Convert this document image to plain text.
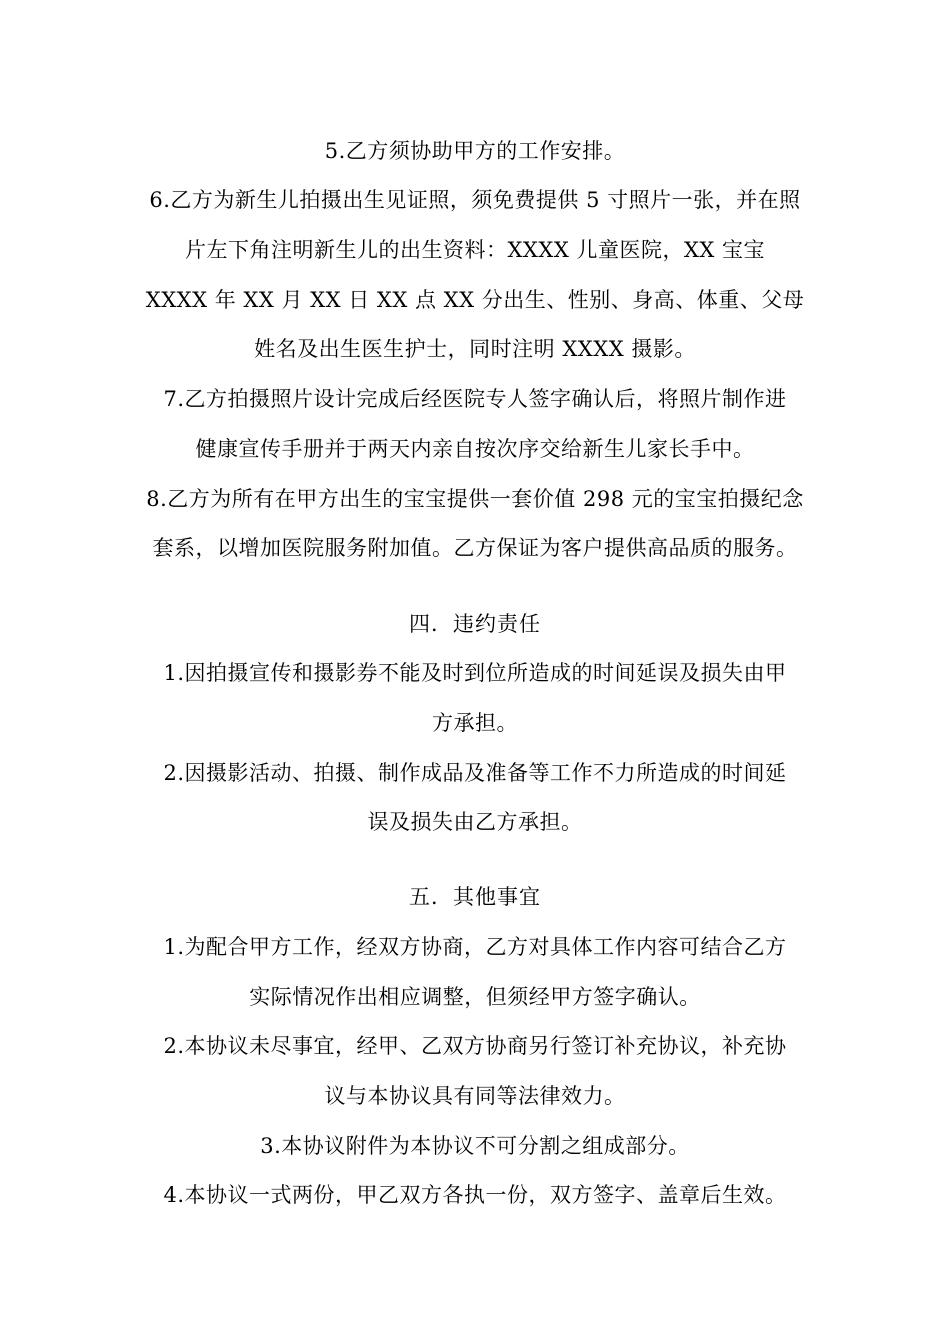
5.乙方须协助甲方的工作安排。
6.乙方为新生儿拍摄出生见证照，须免费提供 5 寸照片一张，并在照
片左下角注明新生儿的出生资料：XXXX 儿童医院，XX 宝宝
XXXX 年 XX 月 XX 日 XX 点 XX 分出生、性别、身高、体重、父母
姓名及出生医生护士，同时注明 XXXX 摄影。
7.乙方拍摄照片设计完成后经医院专人签字确认后，将照片制作进
健康宣传手册并于两天内亲自按次序交给新生儿家长手中。
8.乙方为所有在甲方出生的宝宝提供一套价值 298 元的宝宝拍摄纪念
套系，以增加医院服务附加值。乙方保证为客户提供高品质的服务。
四．违约责任
1.因拍摄宣传和摄影券不能及时到位所造成的时间延误及损失由甲
方承担。
2.因摄影活动、拍摄、制作成品及准备等工作不力所造成的时间延
误及损失由乙方承担。
五．其他事宜
1.为配合甲方工作，经双方协商，乙方对具体工作内容可结合乙方
实际情况作出相应调整，但须经甲方签字确认。
2.本协议未尽事宜，经甲、乙双方协商另行签订补充协议，补充协
议与本协议具有同等法律效力。
3.本协议附件为本协议不可分割之组成部分。
4.本协议一式两份，甲乙双方各执一份，双方签字、盖章后生效。
